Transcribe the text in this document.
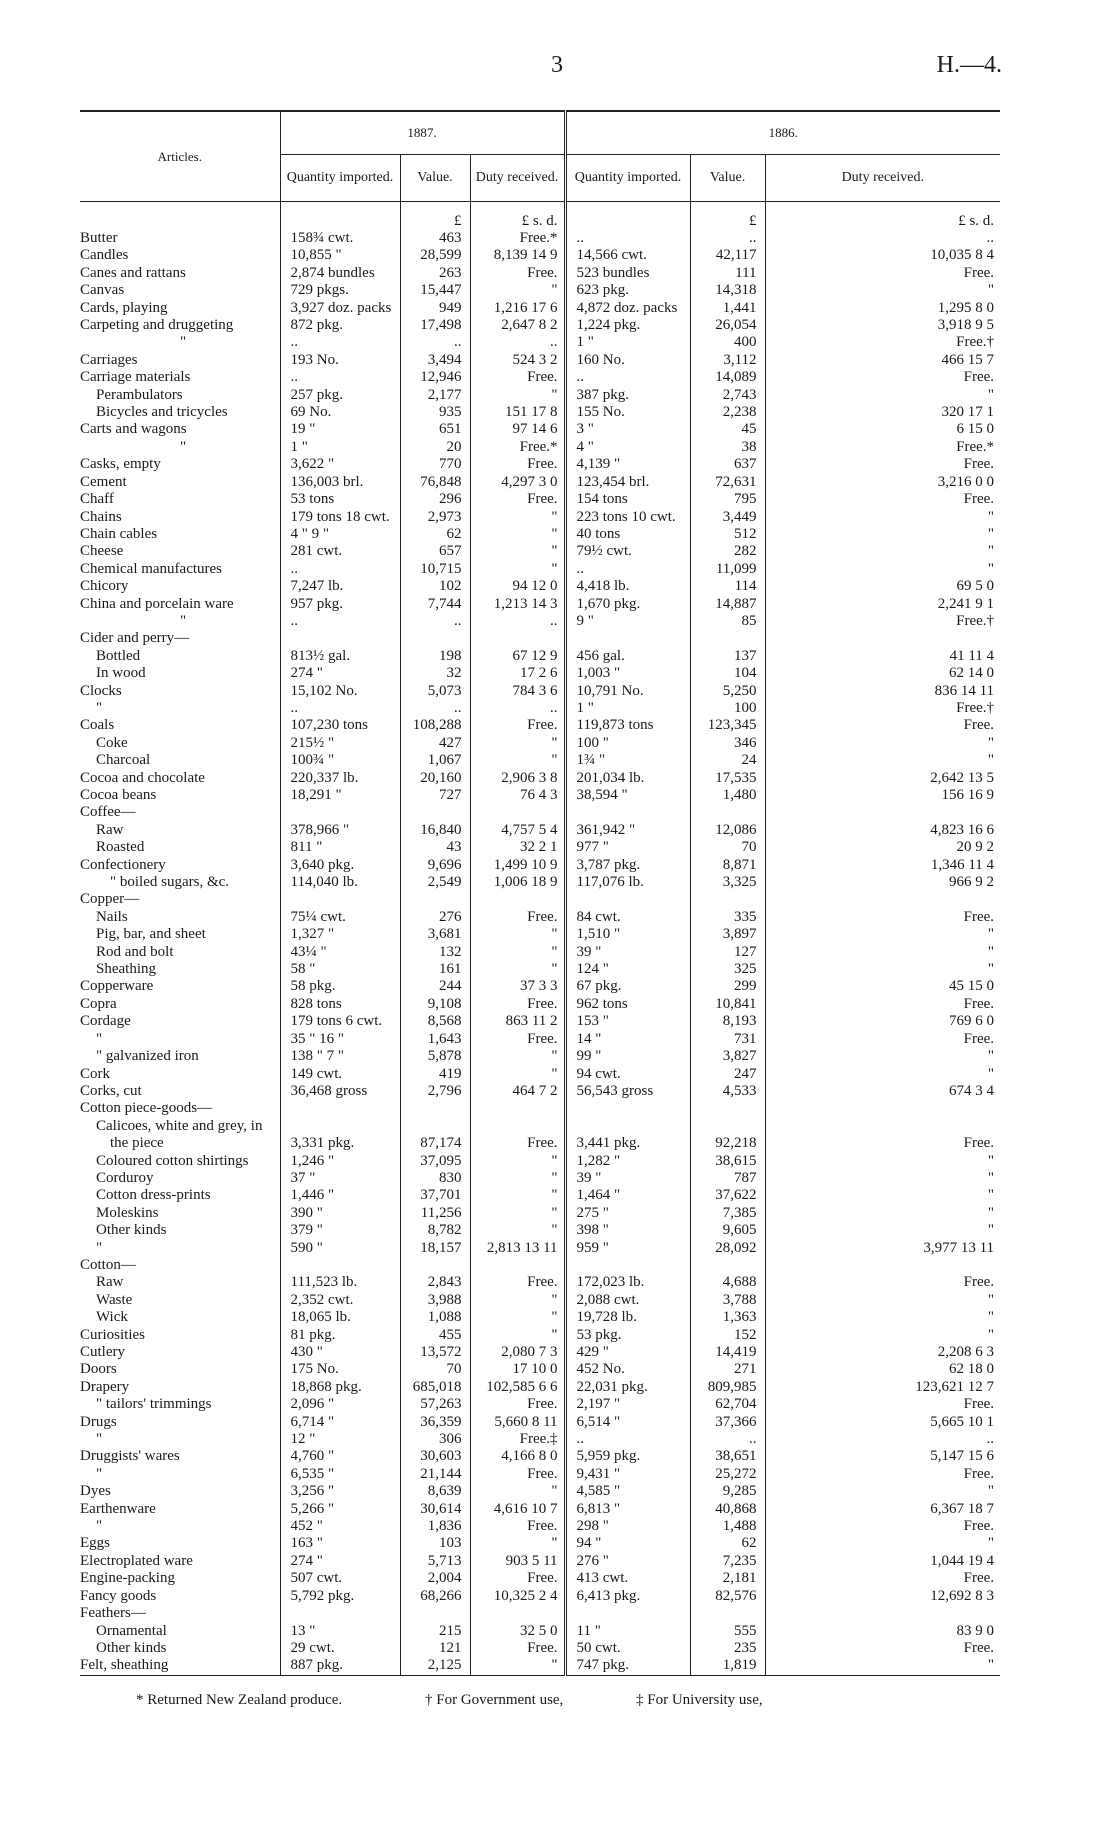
3	H.—4.
Articles.	1887.			1886.		
	Quantity imported.	Value.	Duty received.	Quantity imported.	Value.	Duty received.
		£	£ s. d.		£	£ s. d.
Butter	158¾ cwt.	463	Free.*	..	..	..
Candles	10,855 "	28,599	8,139 14 9	14,566 cwt.	42,117	10,035 8 4
Canes and rattans	2,874 bundles	263	Free.	523 bundles	111	Free.
Canvas	729 pkgs.	15,447	"	623 pkg.	14,318	"
Cards, playing	3,927 doz. packs	949	1,216 17 6	4,872 doz. packs	1,441	1,295 8 0
Carpeting and druggeting	872 pkg.	17,498	2,647 8 2	1,224 pkg.	26,054	3,918 9 5
"	..	..	..	1 "	400	Free.†
Carriages	193 No.	3,494	524 3 2	160 No.	3,112	466 15 7
Carriage materials	..	12,946	Free.	..	14,089	Free.
Perambulators	257 pkg.	2,177	"	387 pkg.	2,743	"
Bicycles and tricycles	69 No.	935	151 17 8	155 No.	2,238	320 17 1
Carts and wagons	19 "	651	97 14 6	3 "	45	6 15 0
"	1 "	20	Free.*	4 "	38	Free.*
Casks, empty	3,622 "	770	Free.	4,139 "	637	Free.
Cement	136,003 brl.	76,848	4,297 3 0	123,454 brl.	72,631	3,216 0 0
Chaff	53 tons	296	Free.	154 tons	795	Free.
Chains	179 tons 18 cwt.	2,973	"	223 tons 10 cwt.	3,449	"
Chain cables	4 " 9 "	62	"	40 tons	512	"
Cheese	281 cwt.	657	"	79½ cwt.	282	"
Chemical manufactures	..	10,715	"	..	11,099	"
Chicory	7,247 lb.	102	94 12 0	4,418 lb.	114	69 5 0
China and porcelain ware	957 pkg.	7,744	1,213 14 3	1,670 pkg.	14,887	2,241 9 1
"	..	..	..	9 "	85	Free.†
Cider and perry—						
Bottled	813½ gal.	198	67 12 9	456 gal.	137	41 11 4
In wood	274 "	32	17 2 6	1,003 "	104	62 14 0
Clocks	15,102 No.	5,073	784 3 6	10,791 No.	5,250	836 14 11
"	..	..	..	1 "	100	Free.†
Coals	107,230 tons	108,288	Free.	119,873 tons	123,345	Free.
Coke	215½ "	427	"	100 "	346	"
Charcoal	100¾ "	1,067	"	1¾ "	24	"
Cocoa and chocolate	220,337 lb.	20,160	2,906 3 8	201,034 lb.	17,535	2,642 13 5
Cocoa beans	18,291 "	727	76 4 3	38,594 "	1,480	156 16 9
Coffee—						
Raw	378,966 "	16,840	4,757 5 4	361,942 "	12,086	4,823 16 6
Roasted	811 "	43	32 2 1	977 "	70	20 9 2
Confectionery	3,640 pkg.	9,696	1,499 10 9	3,787 pkg.	8,871	1,346 11 4
" boiled sugars, &c.	114,040 lb.	2,549	1,006 18 9	117,076 lb.	3,325	966 9 2
Copper—						
Nails	75¼ cwt.	276	Free.	84 cwt.	335	Free.
Pig, bar, and sheet	1,327 "	3,681	"	1,510 "	3,897	"
Rod and bolt	43¼ "	132	"	39 "	127	"
Sheathing	58 "	161	"	124 "	325	"
Copperware	58 pkg.	244	37 3 3	67 pkg.	299	45 15 0
Copra	828 tons	9,108	Free.	962 tons	10,841	Free.
Cordage	179 tons 6 cwt.	8,568	863 11 2	153 "	8,193	769 6 0
"	35 " 16 "	1,643	Free.	14 "	731	Free.
" galvanized iron	138 " 7 "	5,878	"	99 "	3,827	"
Cork	149 cwt.	419	"	94 cwt.	247	"
Corks, cut	36,468 gross	2,796	464 7 2	56,543 gross	4,533	674 3 4
Cotton piece-goods—						
Calicoes, white and grey, in						
the piece	3,331 pkg.	87,174	Free.	3,441 pkg.	92,218	Free.
Coloured cotton shirtings	1,246 "	37,095	"	1,282 "	38,615	"
Corduroy	37 "	830	"	39 "	787	"
Cotton dress-prints	1,446 "	37,701	"	1,464 "	37,622	"
Moleskins	390 "	11,256	"	275 "	7,385	"
Other kinds	379 "	8,782	"	398 "	9,605	"
"	590 "	18,157	2,813 13 11	959 "	28,092	3,977 13 11
Cotton—						
Raw	111,523 lb.	2,843	Free.	172,023 lb.	4,688	Free.
Waste	2,352 cwt.	3,988	"	2,088 cwt.	3,788	"
Wick	18,065 lb.	1,088	"	19,728 lb.	1,363	"
Curiosities	81 pkg.	455	"	53 pkg.	152	"
Cutlery	430 "	13,572	2,080 7 3	429 "	14,419	2,208 6 3
Doors	175 No.	70	17 10 0	452 No.	271	62 18 0
Drapery	18,868 pkg.	685,018	102,585 6 6	22,031 pkg.	809,985	123,621 12 7
" tailors' trimmings	2,096 "	57,263	Free.	2,197 "	62,704	Free.
Drugs	6,714 "	36,359	5,660 8 11	6,514 "	37,366	5,665 10 1
"	12 "	306	Free.‡	..	..	..
Druggists' wares	4,760 "	30,603	4,166 8 0	5,959 pkg.	38,651	5,147 15 6
"	6,535 "	21,144	Free.	9,431 "	25,272	Free.
Dyes	3,256 "	8,639	"	4,585 "	9,285	"
Earthenware	5,266 "	30,614	4,616 10 7	6,813 "	40,868	6,367 18 7
"	452 "	1,836	Free.	298 "	1,488	Free.
Eggs	163 "	103	"	94 "	62	"
Electroplated ware	274 "	5,713	903 5 11	276 "	7,235	1,044 19 4
Engine-packing	507 cwt.	2,004	Free.	413 cwt.	2,181	Free.
Fancy goods	5,792 pkg.	68,266	10,325 2 4	6,413 pkg.	82,576	12,692 8 3
Feathers—						
Ornamental	13 "	215	32 5 0	11 "	555	83 9 0
Other kinds	29 cwt.	121	Free.	50 cwt.	235	Free.
Felt, sheathing	887 pkg.	2,125	"	747 pkg.	1,819	"
* Returned New Zealand produce.	† For Government use,	‡ For University use,
